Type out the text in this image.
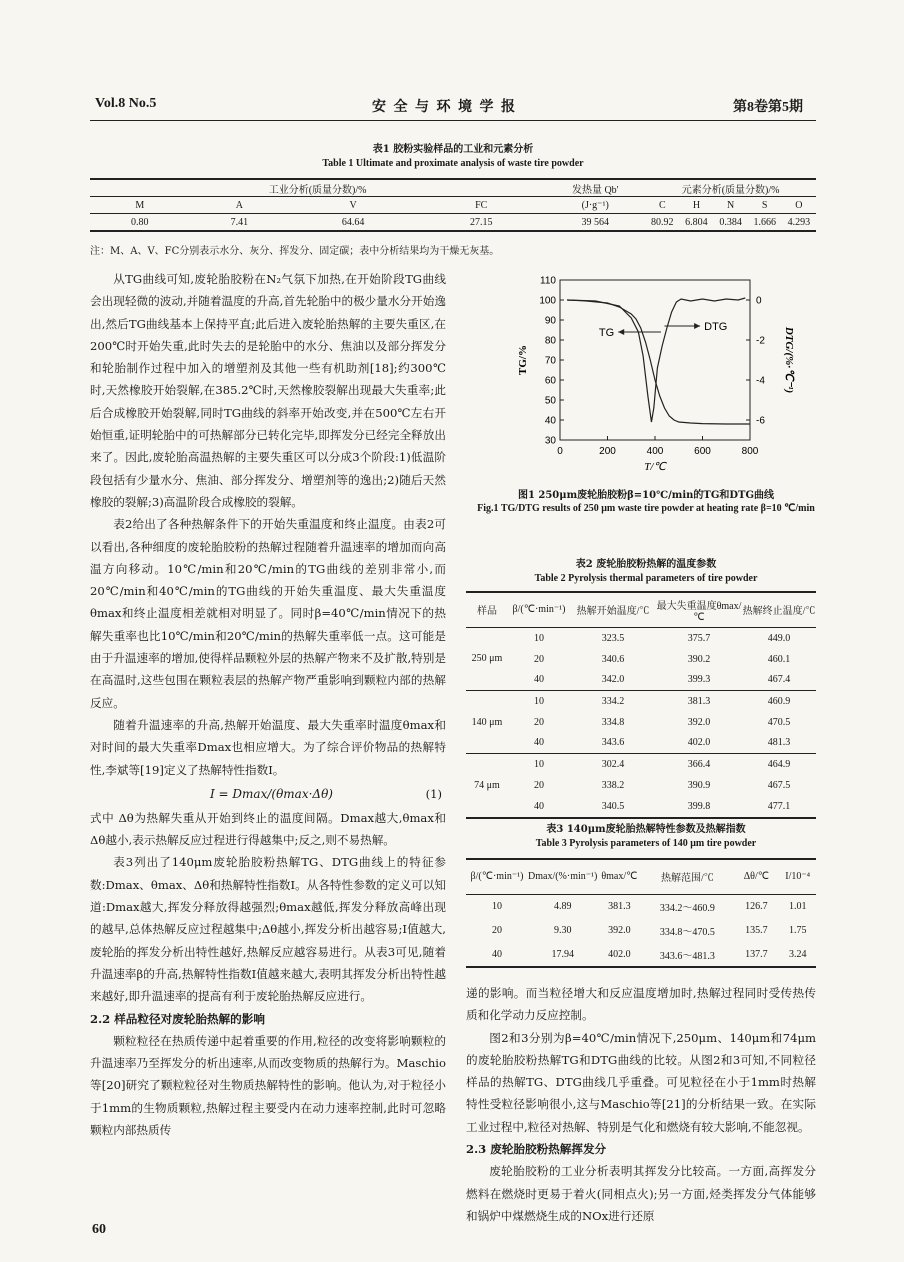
Vol.8 No.5	安 全 与 环 境 学 报	第8卷第5期
表1 胶粉实验样品的工业和元素分析
Table 1 Ultimate and proximate analysis of waste tire powder
工业分析(质量分数)/%				发热量 Qb'	元素分析(质量分数)/%				
M	A	V	FC	(J·g⁻¹)	C	H	N	S	O
0.80	7.41	64.64	27.15	39 564	80.92	6.804	0.384	1.666	4.293
注：M、A、V、FC分别表示水分、灰分、挥发分、固定碳；表中分析结果均为干燥无灰基。

从TG曲线可知,废轮胎胶粉在N₂气氛下加热,在开始阶段TG曲线会出现轻微的波动,并随着温度的升高,首先轮胎中的极少量水分开始逸出,然后TG曲线基本上保持平直;此后进入废轮胎热解的主要失重区,在200℃时开始失重,此时失去的是轮胎中的水分、焦油以及部分挥发分和轮胎制作过程中加入的增塑剂及其他一些有机助剂[18];约300℃时,天然橡胶开始裂解,在385.2℃时,天然橡胶裂解出现最大失重率;此后合成橡胶开始裂解,同时TG曲线的斜率开始改变,并在500℃左右开始恒重,证明轮胎中的可热解部分已转化完毕,即挥发分已经完全释放出来了。因此,废轮胎高温热解的主要失重区可以分成3个阶段:1)低温阶段包括有少量水分、焦油、部分挥发分、增塑剂等的逸出;2)随后天然橡胶的裂解;3)高温阶段合成橡胶的裂解。

表2给出了各种热解条件下的开始失重温度和终止温度。由表2可以看出,各种细度的废轮胎胶粉的热解过程随着升温速率的增加而向高温方向移动。10℃/min和20℃/min的TG曲线的差别非常小,而20℃/min和40℃/min的TG曲线的开始失重温度、最大失重温度θmax和终止温度相差就相对明显了。同时β=40℃/min情况下的热解失重率也比10℃/min和20℃/min的热解失重率低一点。这可能是由于升温速率的增加,使得样品颗粒外层的热解产物来不及扩散,特别是在高温时,这些包围在颗粒表层的热解产物严重影响到颗粒内部的热解反应。

随着升温速率的升高,热解开始温度、最大失重率时温度θmax和对时间的最大失重率Dmax也相应增大。为了综合评价物品的热解特性,李斌等[19]定义了热解特性指数I。

I = Dmax/(θmax·Δθ)	(1)

式中 Δθ为热解失重从开始到终止的温度间隔。Dmax越大,θmax和Δθ越小,表示热解反应过程进行得越集中;反之,则不易热解。

表3列出了140μm废轮胎胶粉热解TG、DTG曲线上的特征参数:Dmax、θmax、Δθ和热解特性指数I。从各特性参数的定义可以知道:Dmax越大,挥发分释放得越强烈;θmax越低,挥发分释放高峰出现的越早,总体热解反应过程越集中;Δθ越小,挥发分析出越容易;I值越大,废轮胎的挥发分析出特性越好,热解反应越容易进行。从表3可见,随着升温速率β的升高,热解特性指数I值越来越大,表明其挥发分析出特性越来越好,即升温速率的提高有利于废轮胎热解反应进行。

2.2 样品粒径对废轮胎热解的影响

颗粒粒径在热质传递中起着重要的作用,粒径的改变将影响颗粒的升温速率乃至挥发分的析出速率,从而改变物质的热解行为。Maschio等[20]研究了颗粒粒径对生物质热解特性的影响。他认为,对于粒径小于1mm的生物质颗粒,热解过程主要受内在动力速率控制,此时可忽略颗粒内部热质传

0	200	400	600	800
30
40
50
60
70
80
90
100
110
0
-2
-4
-6
T/℃
TG/%	DTG/(%·℃⁻¹)
TG	DTG
图1 250μm废轮胎胶粉β=10℃/min的TG和DTG曲线
Fig.1 TG/DTG results of 250 μm waste tire powder at heating rate β=10 ℃/min
表2 废轮胎胶粉热解的温度参数
Table 2 Pyrolysis thermal parameters of tire powder
样品	β/(℃·min⁻¹)	热解开始温度/℃	最大失重温度θmax/℃	热解终止温度/℃
250 μm	10	323.5	375.7	449.0
	20	340.6	390.2	460.1
	40	342.0	399.3	467.4
140 μm	10	334.2	381.3	460.9
	20	334.8	392.0	470.5
	40	343.6	402.0	481.3
74 μm	10	302.4	366.4	464.9
	20	338.2	390.9	467.5
	40	340.5	399.8	477.1
表3 140μm废轮胎热解特性参数及热解指数
Table 3 Pyrolysis parameters of 140 μm tire powder
β/(℃·min⁻¹)	Dmax/(%·min⁻¹)	θmax/℃	热解范围/℃	Δθ/℃	I/10⁻⁴
10	4.89	381.3	334.2～460.9	126.7	1.01
20	9.30	392.0	334.8～470.5	135.7	1.75
40	17.94	402.0	343.6～481.3	137.7	3.24

递的影响。而当粒径增大和反应温度增加时,热解过程同时受传热传质和化学动力反应控制。

图2和3分别为β=40℃/min情况下,250μm、140μm和74μm的废轮胎胶粉热解TG和DTG曲线的比较。从图2和3可知,不同粒径样品的热解TG、DTG曲线几乎重叠。可见粒径在小于1mm时热解特性受粒径影响很小,这与Maschio等[21]的分析结果一致。在实际工业过程中,粒径对热解、特别是气化和燃烧有较大影响,不能忽视。

2.3 废轮胎胶粉热解挥发分

废轮胎胶粉的工业分析表明其挥发分比较高。一方面,高挥发分燃料在燃烧时更易于着火(同相点火);另一方面,烃类挥发分气体能够和锅炉中煤燃烧生成的NOx进行还原

60
